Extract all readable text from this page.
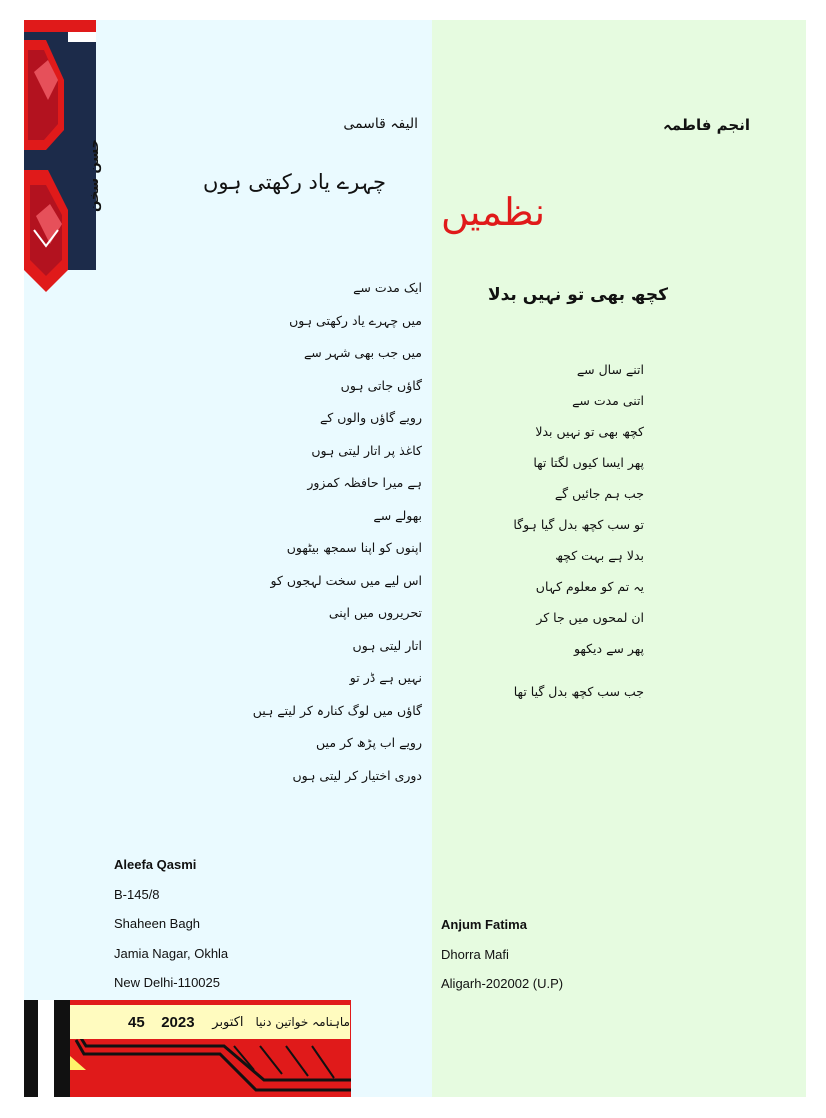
حسن سخن
انجم فاطمہ
الیفہ قاسمی
چہرے یاد رکھتی ہوں
نظمیں
کچھ بھی تو نہیں بدلا
ایک مدت سے
میں چہرے یاد رکھتی ہوں
میں جب بھی شہر سے
گاؤں جاتی ہوں
رویے گاؤں والوں کے
کاغذ پر اتار لیتی ہوں
ہے میرا حافظہ کمزور
بھولے سے
اپنوں کو اپنا سمجھ بیٹھوں
اس لیے میں سخت لہجوں کو
تحریروں میں اپنی
اتار لیتی ہوں
نہیں ہے ڈر تو
گاؤں میں لوگ کنارہ کر لیتے ہیں
رویے اب پڑھ کر میں
دوری اختیار کر لیتی ہوں
اتنے سال سے
اتنی مدت سے
کچھ بھی تو نہیں بدلا
پھر ایسا کیوں لگتا تھا
جب ہم جائیں گے
تو سب کچھ بدل گیا ہوگا
بدلا ہے بہت کچھ
یہ تم کو معلوم کہاں
ان لمحوں میں جا کر
پھر سے دیکھو
جب سب کچھ بدل گیا تھا
Aleefa Qasmi
B-145/8
Shaheen Bagh
Jamia Nagar, Okhla
New Delhi-110025
Anjum Fatima
Dhorra Mafi
Aligarh-202002 (U.P)
45	2023	اکتوبر ماہنامہ خواتین دنیا
